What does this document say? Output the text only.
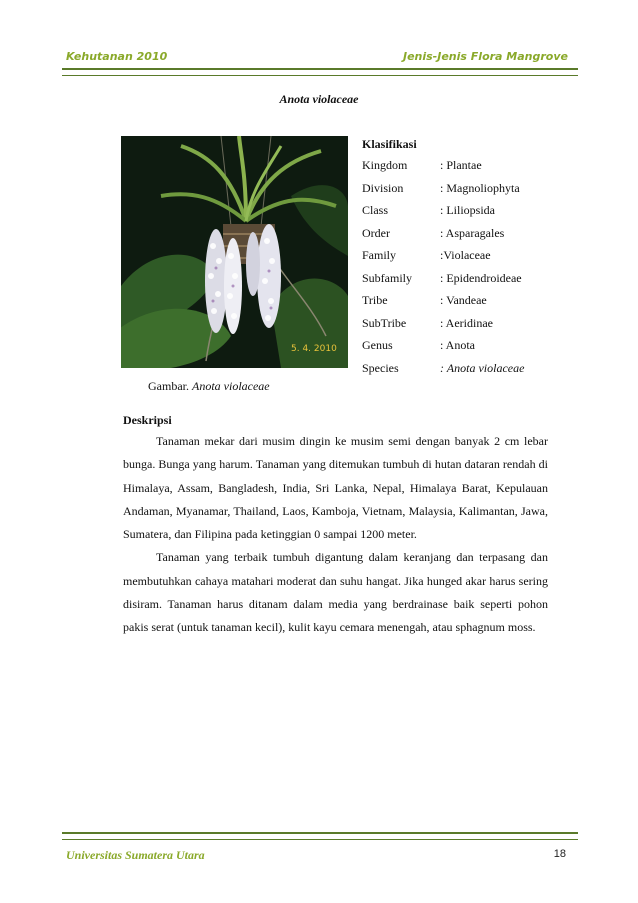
Kehutanan 2010	Jenis-Jenis Flora Mangrove
Anota violaceae
5. 4. 2010
Gambar. Anota violaceae
Klasifikasi
Kingdom	: Plantae
Division	: Magnoliophyta
Class	: Liliopsida
Order	: Asparagales
Family	:Violaceae
Subfamily	: Epidendroideae
Tribe	: Vandeae
SubTribe	: Aeridinae
Genus	: Anota
Species	: Anota violaceae
Deskripsi

Tanaman mekar dari musim dingin ke musim semi dengan banyak 2 cm lebar bunga. Bunga yang harum. Tanaman yang ditemukan tumbuh di hutan dataran rendah di Himalaya, Assam, Bangladesh, India, Sri Lanka, Nepal, Himalaya Barat, Kepulauan Andaman, Myanamar, Thailand, Laos, Kamboja, Vietnam, Malaysia, Kalimantan, Jawa, Sumatera, dan Filipina pada ketinggian 0 sampai 1200 meter.

Tanaman yang terbaik tumbuh digantung dalam keranjang dan terpasang dan membutuhkan cahaya matahari moderat dan suhu hangat. Jika hunged akar harus sering disiram. Tanaman harus ditanam dalam media yang berdrainase baik seperti pohon pakis serat (untuk tanaman kecil), kulit kayu cemara menengah, atau sphagnum moss.

Universitas Sumatera Utara	18
